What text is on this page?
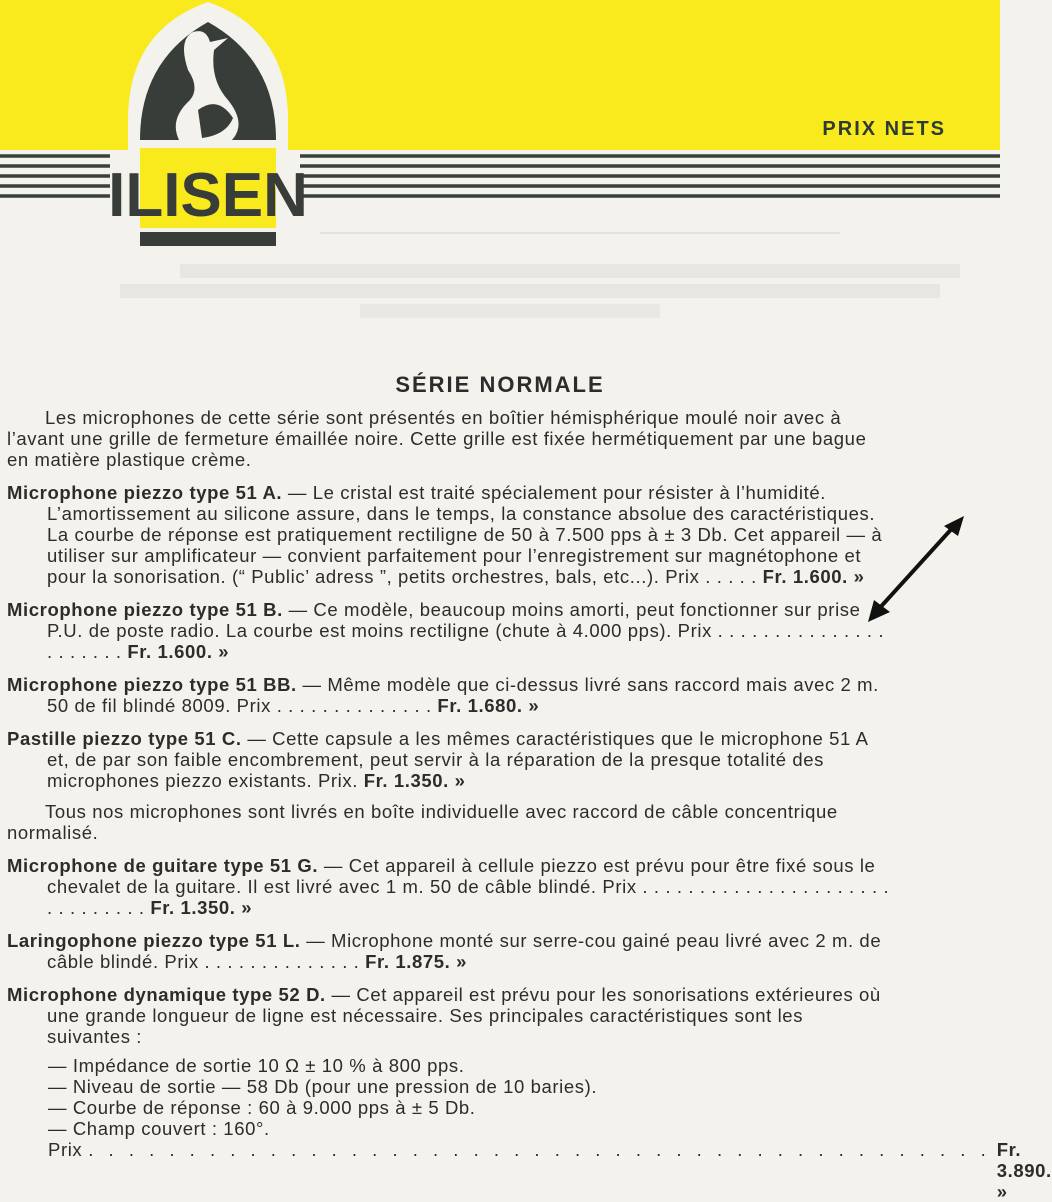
ILISEN
PRIX NETS
SÉRIE NORMALE

Les microphones de cette série sont présentés en boîtier hémisphérique moulé noir avec à l’avant une grille de fermeture émaillée noire. Cette grille est fixée hermétiquement par une bague en matière plastique crème.

Microphone piezzo type 51 A. — Le cristal est traité spécialement pour résister à l’humidité. L’amortissement au silicone assure, dans le temps, la constance absolue des caractéristiques. La courbe de réponse est pratiquement rectiligne de 50 à 7.500 pps à ± 3 Db. Cet appareil — à utiliser sur amplificateur — convient parfaitement pour l’enregistrement sur magnétophone et pour la sonorisation. (“ Public’ adress ”, petits orchestres, bals, etc...). Prix . . . . . Fr. 1.600. »
Microphone piezzo type 51 B. — Ce modèle, beaucoup moins amorti, peut fonctionner sur prise P.U. de poste radio. La courbe est moins rectiligne (chute à 4.000 pps). Prix . . . . . . . . . . . . . . . . . . . . . . Fr. 1.600. »
Microphone piezzo type 51 BB. — Même modèle que ci-dessus livré sans raccord mais avec 2 m. 50 de fil blindé 8009. Prix . . . . . . . . . . . . . . Fr. 1.680. »
Pastille piezzo type 51 C. — Cette capsule a les mêmes caractéristiques que le microphone 51 A et, de par son faible encombrement, peut servir à la réparation de la presque totalité des microphones piezzo existants. Prix. Fr. 1.350. »

Tous nos microphones sont livrés en boîte individuelle avec raccord de câble concentrique normalisé.

Microphone de guitare type 51 G. — Cet appareil à cellule piezzo est prévu pour être fixé sous le chevalet de la guitare. Il est livré avec 1 m. 50 de câble blindé. Prix . . . . . . . . . . . . . . . . . . . . . . . . . . . . . . . Fr. 1.350. »
Laringophone piezzo type 51 L. — Microphone monté sur serre-cou gainé peau livré avec 2 m. de câble blindé. Prix . . . . . . . . . . . . . . Fr. 1.875. »
Microphone dynamique type 52 D. — Cet appareil est prévu pour les sonorisations extérieures où une grande longueur de ligne est nécessaire. Ses principales caractéristiques sont les suivantes :
— Impédance de sortie 10 Ω ± 10 % à 800 pps.
— Niveau de sortie — 58 Db (pour une pression de 10 baries).
— Courbe de réponse : 60 à 9.000 pps à ± 5 Db.
— Champ couvert : 160°.
Prix . . . . . . . . . . . . . . . . . . . . . . . . . . . . . . . . . . . . . . . . . . . . . Fr. 3.890. »
